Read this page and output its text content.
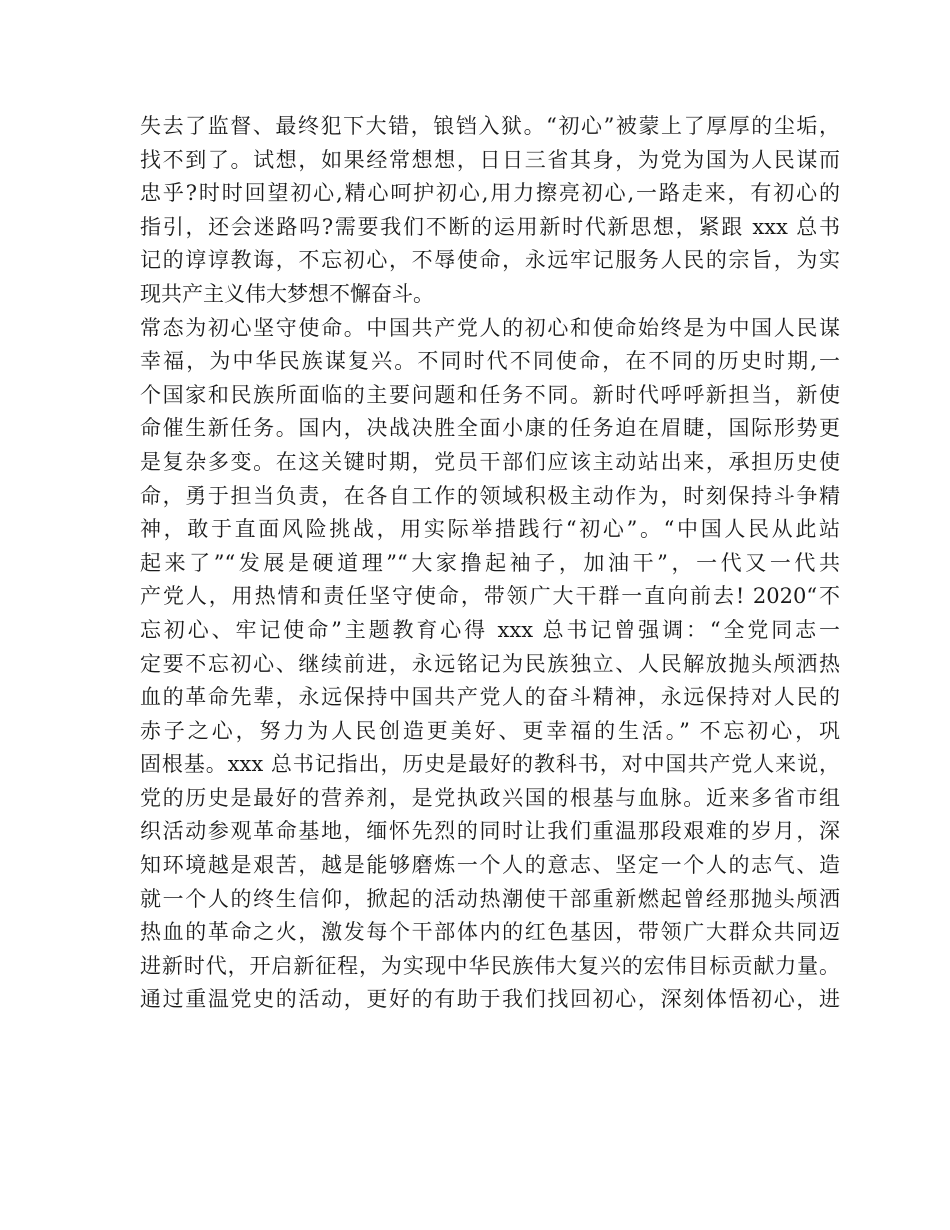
失去了监督、最终犯下大错，锒铛入狱。“初心”被蒙上了厚厚的尘垢，
找不到了。试想，如果经常想想，日日三省其身，为党为国为人民谋而
忠乎?时时回望初心,精心呵护初心,用力擦亮初心,一路走来，有初心的
指引，还会迷路吗?需要我们不断的运用新时代新思想，紧跟 xxx 总书
记的谆谆教诲，不忘初心，不辱使命，永远牢记服务人民的宗旨，为实
现共产主义伟大梦想不懈奋斗。
常态为初心坚守使命。中国共产党人的初心和使命始终是为中国人民谋
幸福，为中华民族谋复兴。不同时代不同使命，在不同的历史时期,一
个国家和民族所面临的主要问题和任务不同。新时代呼呼新担当，新使
命催生新任务。国内，决战决胜全面小康的任务迫在眉睫，国际形势更
是复杂多变。在这关键时期，党员干部们应该主动站出来，承担历史使
命，勇于担当负责，在各自工作的领域积极主动作为，时刻保持斗争精
神，敢于直面风险挑战，用实际举措践行“初心”。“中国人民从此站
起来了”“发展是硬道理”“大家撸起袖子，加油干”，一代又一代共
产党人，用热情和责任坚守使命，带领广大干群一直向前去! 2020“不
忘初心、牢记使命”主题教育心得 xxx 总书记曾强调：“全党同志一
定要不忘初心、继续前进，永远铭记为民族独立、人民解放抛头颅洒热
血的革命先辈，永远保持中国共产党人的奋斗精神，永远保持对人民的
赤子之心，努力为人民创造更美好、更幸福的生活。” 不忘初心，巩
固根基。xxx 总书记指出，历史是最好的教科书，对中国共产党人来说，
党的历史是最好的营养剂，是党执政兴国的根基与血脉。近来多省市组
织活动参观革命基地，缅怀先烈的同时让我们重温那段艰难的岁月，深
知环境越是艰苦，越是能够磨炼一个人的意志、坚定一个人的志气、造
就一个人的终生信仰，掀起的活动热潮使干部重新燃起曾经那抛头颅洒
热血的革命之火，激发每个干部体内的红色基因，带领广大群众共同迈
进新时代，开启新征程，为实现中华民族伟大复兴的宏伟目标贡献力量。
通过重温党史的活动，更好的有助于我们找回初心，深刻体悟初心，进
